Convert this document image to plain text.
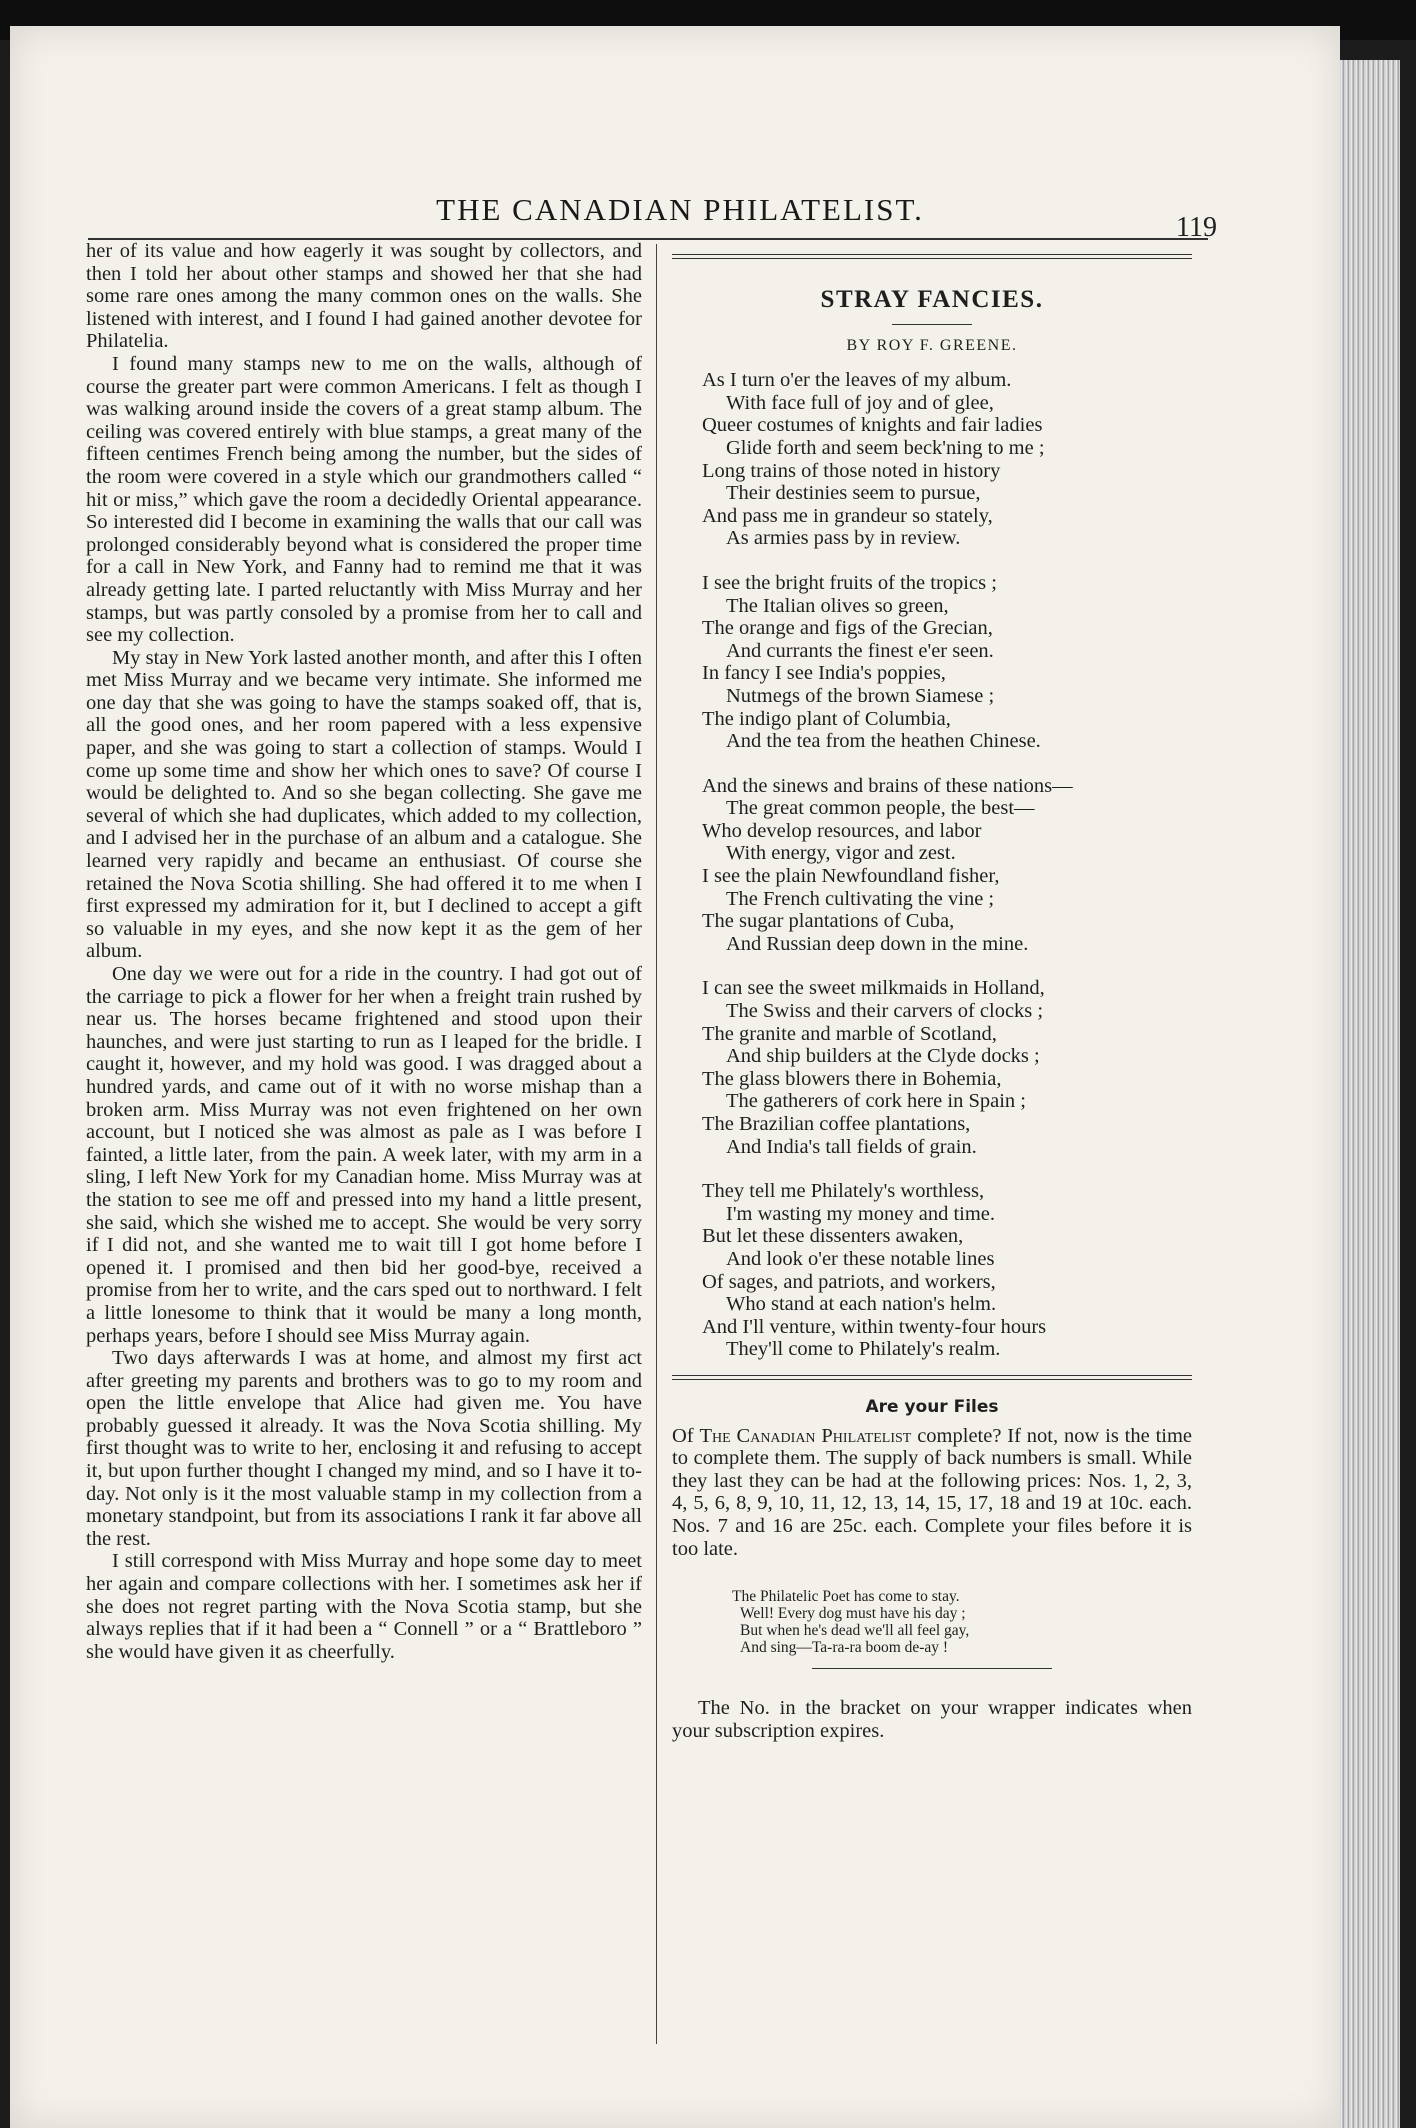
THE CANADIAN PHILATELIST.
119

her of its value and how eagerly it was sought by collectors, and then I told her about other stamps and showed her that she had some rare ones among the many common ones on the walls. She listened with interest, and I found I had gained another devotee for Philatelia.

I found many stamps new to me on the walls, although of course the greater part were common Americans. I felt as though I was walking around inside the covers of a great stamp album. The ceiling was covered entirely with blue stamps, a great many of the fifteen centimes French being among the number, but the sides of the room were covered in a style which our grandmothers called “ hit or miss,” which gave the room a decidedly Oriental appearance. So interested did I become in examining the walls that our call was prolonged considerably beyond what is considered the proper time for a call in New York, and Fanny had to remind me that it was already getting late. I parted reluctantly with Miss Murray and her stamps, but was partly consoled by a promise from her to call and see my collection.

My stay in New York lasted another month, and after this I often met Miss Murray and we became very intimate. She informed me one day that she was going to have the stamps soaked off, that is, all the good ones, and her room papered with a less expensive paper, and she was going to start a collection of stamps. Would I come up some time and show her which ones to save? Of course I would be delighted to. And so she began collecting. She gave me several of which she had duplicates, which added to my collection, and I advised her in the purchase of an album and a catalogue. She learned very rapidly and became an enthusiast. Of course she retained the Nova Scotia shilling. She had offered it to me when I first expressed my admiration for it, but I declined to accept a gift so valuable in my eyes, and she now kept it as the gem of her album.

One day we were out for a ride in the country. I had got out of the carriage to pick a flower for her when a freight train rushed by near us. The horses became frightened and stood upon their haunches, and were just starting to run as I leaped for the bridle. I caught it, however, and my hold was good. I was dragged about a hundred yards, and came out of it with no worse mishap than a broken arm. Miss Murray was not even frightened on her own account, but I noticed she was almost as pale as I was before I fainted, a little later, from the pain. A week later, with my arm in a sling, I left New York for my Canadian home. Miss Murray was at the station to see me off and pressed into my hand a little present, she said, which she wished me to accept. She would be very sorry if I did not, and she wanted me to wait till I got home before I opened it. I promised and then bid her good-bye, received a promise from her to write, and the cars sped out to northward. I felt a little lonesome to think that it would be many a long month, perhaps years, before I should see Miss Murray again.

Two days afterwards I was at home, and almost my first act after greeting my parents and brothers was to go to my room and open the little envelope that Alice had given me. You have probably guessed it already. It was the Nova Scotia shilling. My first thought was to write to her, enclosing it and refusing to accept it, but upon further thought I changed my mind, and so I have it to-day. Not only is it the most valuable stamp in my collection from a monetary standpoint, but from its associations I rank it far above all the rest.

I still correspond with Miss Murray and hope some day to meet her again and compare collections with her. I sometimes ask her if she does not regret parting with the Nova Scotia stamp, but she always replies that if it had been a “ Connell ” or a “ Brattleboro ” she would have given it as cheerfully.

STRAY FANCIES.
BY ROY F. GREENE.
As I turn o'er the leaves of my album.
With face full of joy and of glee,
Queer costumes of knights and fair ladies
Glide forth and seem beck'ning to me ;
Long trains of those noted in history
Their destinies seem to pursue,
And pass me in grandeur so stately,
As armies pass by in review.
I see the bright fruits of the tropics ;
The Italian olives so green,
The orange and figs of the Grecian,
And currants the finest e'er seen.
In fancy I see India's poppies,
Nutmegs of the brown Siamese ;
The indigo plant of Columbia,
And the tea from the heathen Chinese.
And the sinews and brains of these nations—
The great common people, the best—
Who develop resources, and labor
With energy, vigor and zest.
I see the plain Newfoundland fisher,
The French cultivating the vine ;
The sugar plantations of Cuba,
And Russian deep down in the mine.
I can see the sweet milkmaids in Holland,
The Swiss and their carvers of clocks ;
The granite and marble of Scotland,
And ship builders at the Clyde docks ;
The glass blowers there in Bohemia,
The gatherers of cork here in Spain ;
The Brazilian coffee plantations,
And India's tall fields of grain.
They tell me Philately's worthless,
I'm wasting my money and time.
But let these dissenters awaken,
And look o'er these notable lines
Of sages, and patriots, and workers,
Who stand at each nation's helm.
And I'll venture, within twenty-four hours
They'll come to Philately's realm.
Are your Files

Of The Canadian Philatelist complete? If not, now is the time to complete them. The supply of back numbers is small. While they last they can be had at the following prices: Nos. 1, 2, 3, 4, 5, 6, 8, 9, 10, 11, 12, 13, 14, 15, 17, 18 and 19 at 10c. each. Nos. 7 and 16 are 25c. each. Complete your files before it is too late.

The Philatelic Poet has come to stay.
Well! Every dog must have his day ;
But when he's dead we'll all feel gay,
And sing—Ta-ra-ra boom de-ay !

The No. in the bracket on your wrapper indicates when your subscription expires.
